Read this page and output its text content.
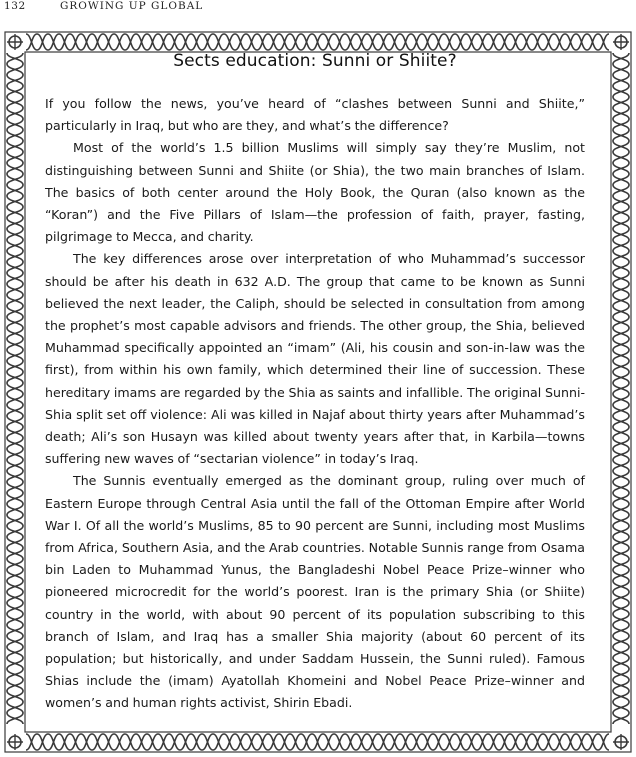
132	GROWING UP GLOBAL
Sects education: Sunni or Shiite?

If you follow the news, you’ve heard of “clashes between Sunni and Shiite,” particularly in Iraq, but who are they, and what’s the difference?

Most of the world’s 1.5 billion Muslims will simply say they’re Muslim, not distinguishing between Sunni and Shiite (or Shia), the two main branches of Islam. The basics of both center around the Holy Book, the Quran (also known as the “Koran”) and the Five Pillars of Islam—the profession of faith, prayer, fasting, pilgrimage to Mecca, and charity.

The key differences arose over interpretation of who Muhammad’s successor should be after his death in 632 A.D. The group that came to be known as Sunni believed the next leader, the Caliph, should be selected in consultation from among the prophet’s most capable advisors and friends. The other group, the Shia, believed Muhammad specifically appointed an “imam” (Ali, his cousin and son-in-law was the first), from within his own family, which determined their line of succession. These hereditary imams are regarded by the Shia as saints and infallible. The original Sunni-Shia split set off violence: Ali was killed in Najaf about thirty years after Muhammad’s death; Ali’s son Husayn was killed about twenty years after that, in Karbila—towns suffering new waves of “sectarian violence” in today’s Iraq.

The Sunnis eventually emerged as the dominant group, ruling over much of Eastern Europe through Central Asia until the fall of the Ottoman Empire after World War I. Of all the world’s Muslims, 85 to 90 percent are Sunni, including most Muslims from Africa, Southern Asia, and the Arab countries. Notable Sunnis range from Osama bin Laden to Muhammad Yunus, the Bangladeshi Nobel Peace Prize–winner who pioneered microcredit for the world’s poorest. Iran is the primary Shia (or Shiite) country in the world, with about 90 percent of its population subscribing to this branch of Islam, and Iraq has a smaller Shia majority (about 60 percent of its population; but historically, and under Saddam Hussein, the Sunni ruled). Famous Shias include the (imam) Ayatollah Khomeini and Nobel Peace Prize–winner and women’s and human rights activist, Shirin Ebadi.
